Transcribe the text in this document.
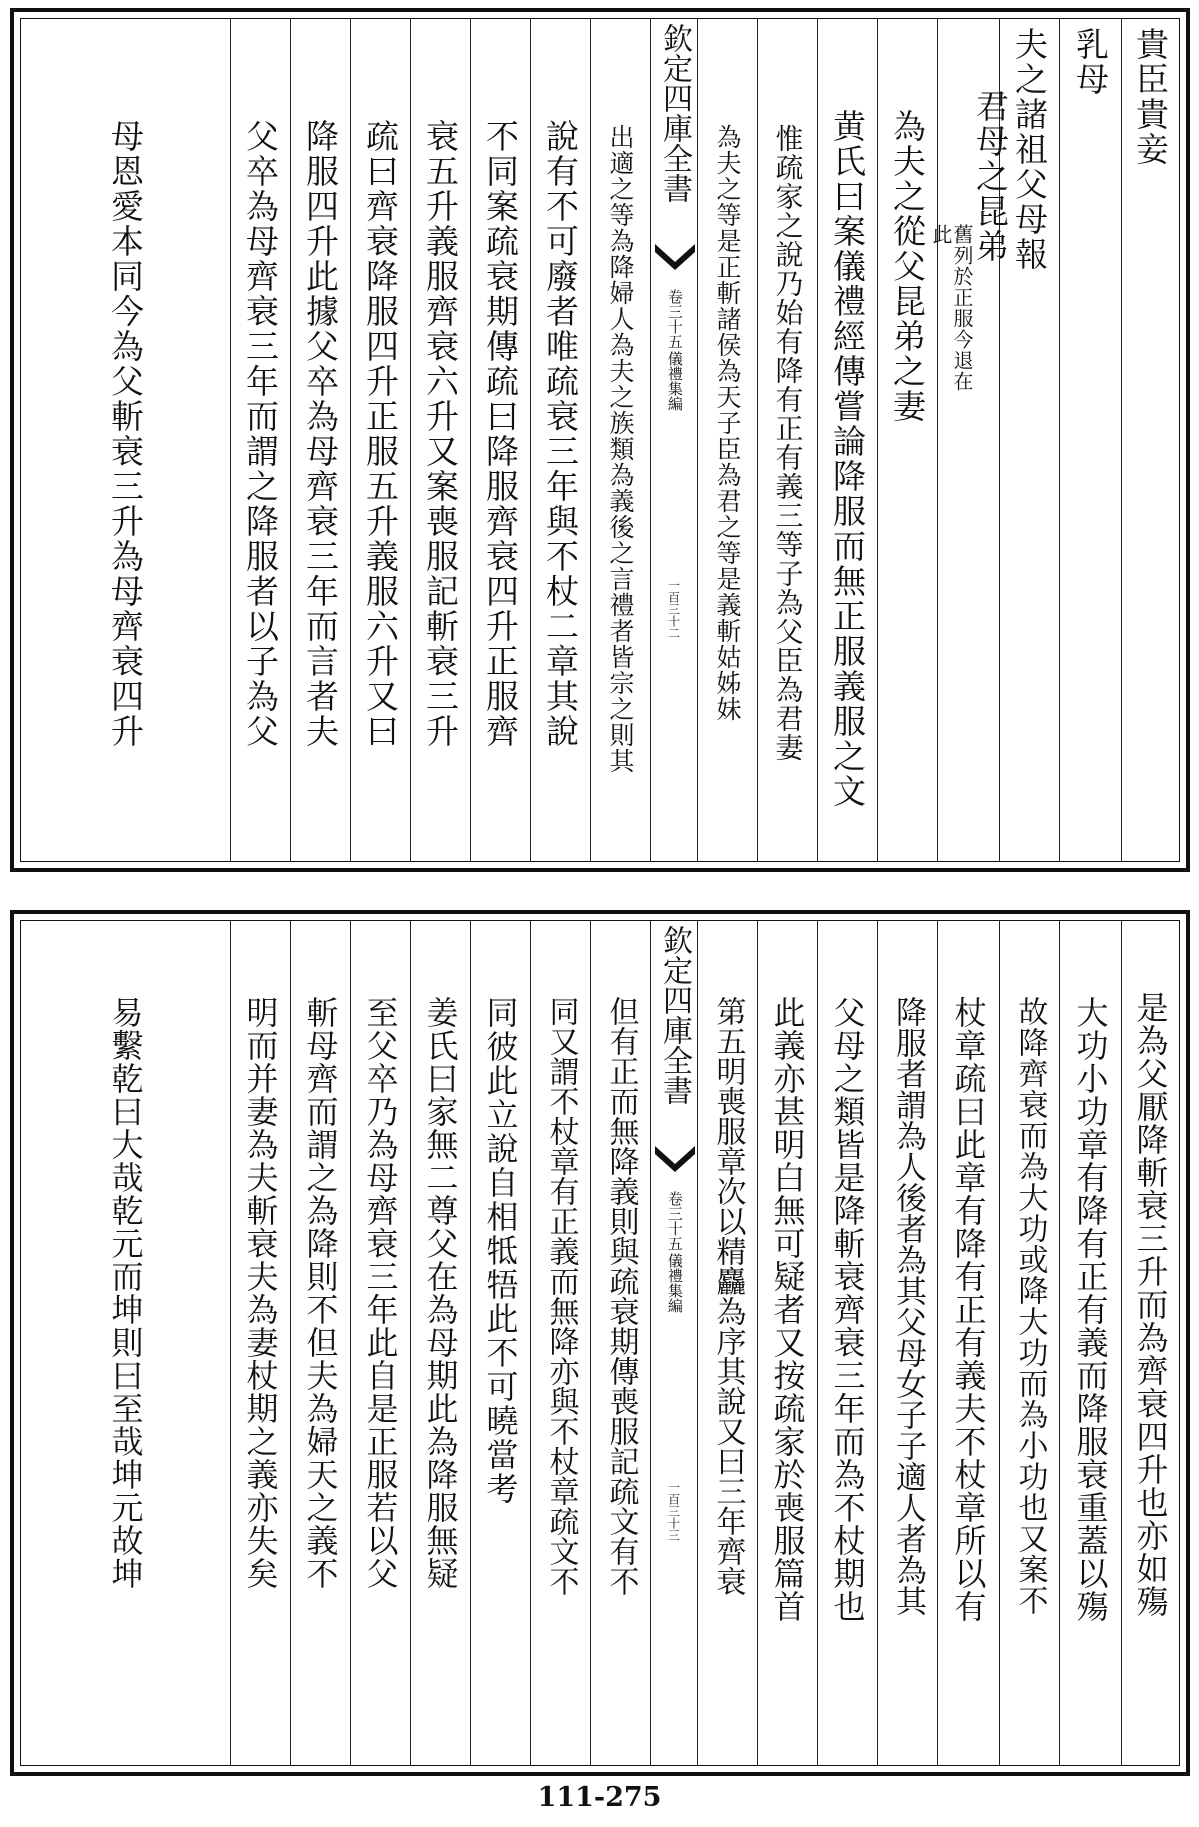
貴臣貴妾
乳母
夫之諸祖父母報
君母之昆弟
舊列於正服今退在此
為夫之從父昆弟之妻
黄氏曰案儀禮經傳嘗論降服而無正服義服之文
惟疏家之說乃始有降有正有義三等子為父臣為君妻
為夫之等是正斬諸侯為天子臣為君之等是義斬姑姊妹
欽定四庫全書
儀禮集編
卷三十五
一百三十二
出適之等為降婦人為夫之族類為義後之言禮者皆宗之則其
說有不可廢者唯疏衰三年與不杖二章其說
不同案疏衰期傳疏曰降服齊衰四升正服齊
衰五升義服齊衰六升又案喪服記斬衰三升
疏曰齊衰降服四升正服五升義服六升又曰
降服四升此據父卒為母齊衰三年而言者夫
父卒為母齊衰三年而謂之降服者以子為父
母恩愛本同今為父斬衰三升為母齊衰四升
是為父厭降斬衰三升而為齊衰四升也亦如殤
大功小功章有降有正有義而降服衰重蓋以殤
故降齊衰而為大功或降大功而為小功也又案不
杖章疏曰此章有降有正有義夫不杖章所以有
降服者謂為人後者為其父母女子子適人者為其
父母之類皆是降斬衰齊衰三年而為不杖期也
此義亦甚明白無可疑者又按疏家於喪服篇首
第五明喪服章次以精麤為序其說又曰三年齊衰
欽定四庫全書
儀禮集編
卷三十五
一百三十三
但有正而無降義則與疏衰期傳喪服記疏文有不
同又謂不杖章有正義而無降亦與不杖章疏文不
同彼此立說自相牴牾此不可曉當考
姜氏曰家無二尊父在為母期此為降服無疑
至父卒乃為母齊衰三年此自是正服若以父
斬母齊而謂之為降則不但夫為婦天之義不
明而并妻為夫斬衰夫為妻杖期之義亦失矣
易繫乾曰大哉乾元而坤則曰至哉坤元故坤
111-275
